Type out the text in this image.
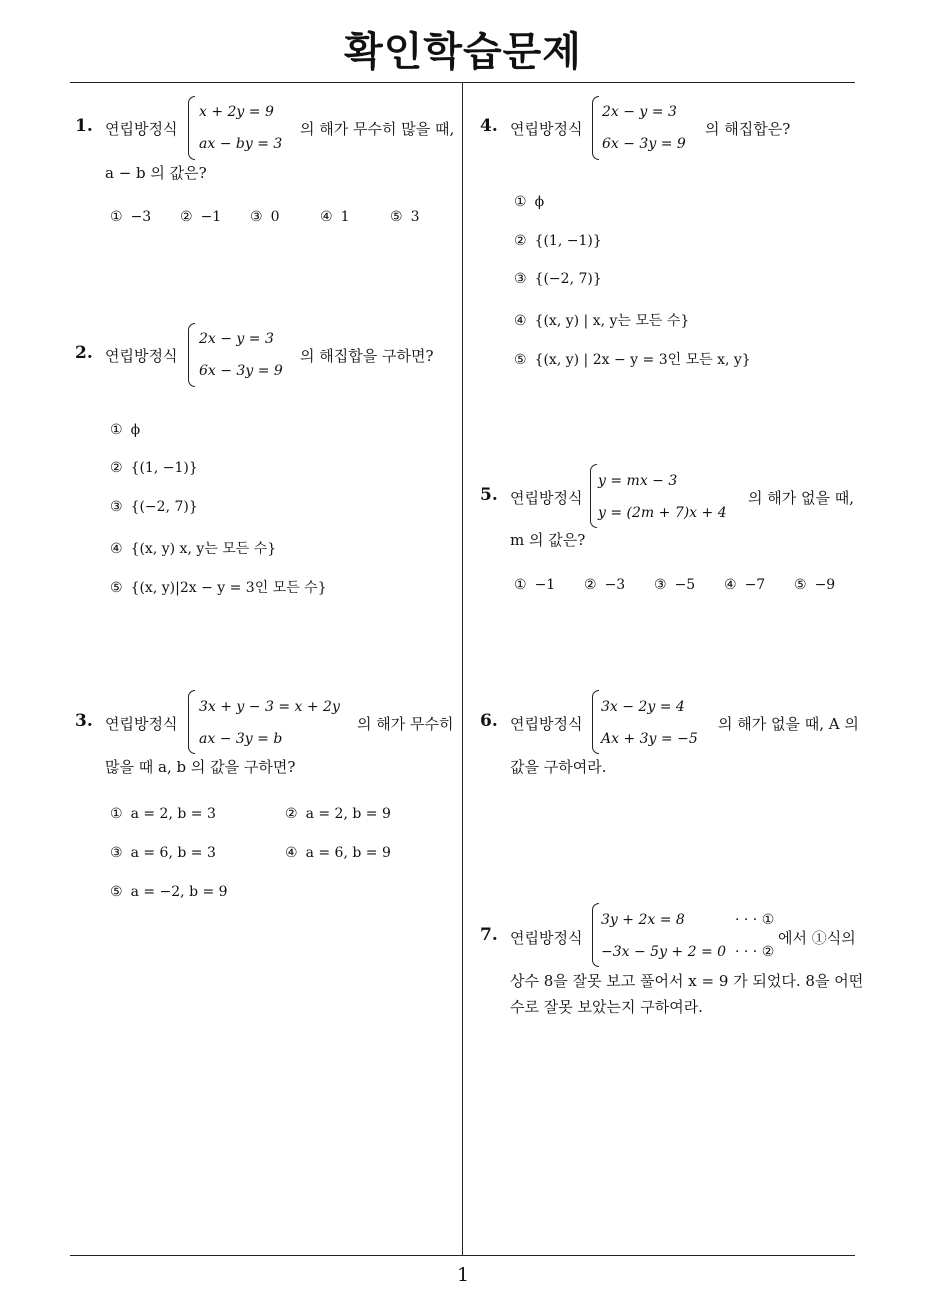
확인학습문제
1
1. 연립방정식
x + 2y = 9
ax − by = 3
의 해가 무수히 많을 때,
a − b 의 값은?
① −3 ② −1 ③ 0	④ 1	⑤ 3
2. 연립방정식
2x − y = 3
6x − 3y = 9
의 해집합을 구하면?
① ϕ
② {(1, −1)}
③ {(−2, 7)}
④ {(x, y) x, y는 모든 수}
⑤ {(x, y)|2x − y = 3인 모든 수}
3. 연립방정식
3x + y − 3 = x + 2y
ax − 3y = b
의 해가 무수히
많을 때 a, b 의 값을 구하면?
① a = 2, b = 3	② a = 2, b = 9
③ a = 6, b = 3	④ a = 6, b = 9
⑤ a = −2, b = 9
4. 연립방정식
2x − y = 3
6x − 3y = 9
의 해집합은?
① ϕ
② {(1, −1)}
③ {(−2, 7)}
④ {(x, y) | x, y는 모든 수}
⑤ {(x, y) | 2x − y = 3인 모든 x, y}
5. 연립방정식
y = mx − 3
y = (2m + 7)x + 4
의 해가 없을 때,
m 의 값은?
① −1 ② −3 ③ −5 ④ −7 ⑤ −9
6. 연립방정식
3x − 2y = 4
Ax + 3y = −5
의 해가 없을 때, A 의
값을 구하여라.
7. 연립방정식
3y + 2x = 8	· · · ①
−3x − 5y + 2 = 0 · · · ②
에서 ①식의
상수 8을 잘못 보고 풀어서 x = 9 가 되었다. 8을 어떤
수로 잘못 보았는지 구하여라.
